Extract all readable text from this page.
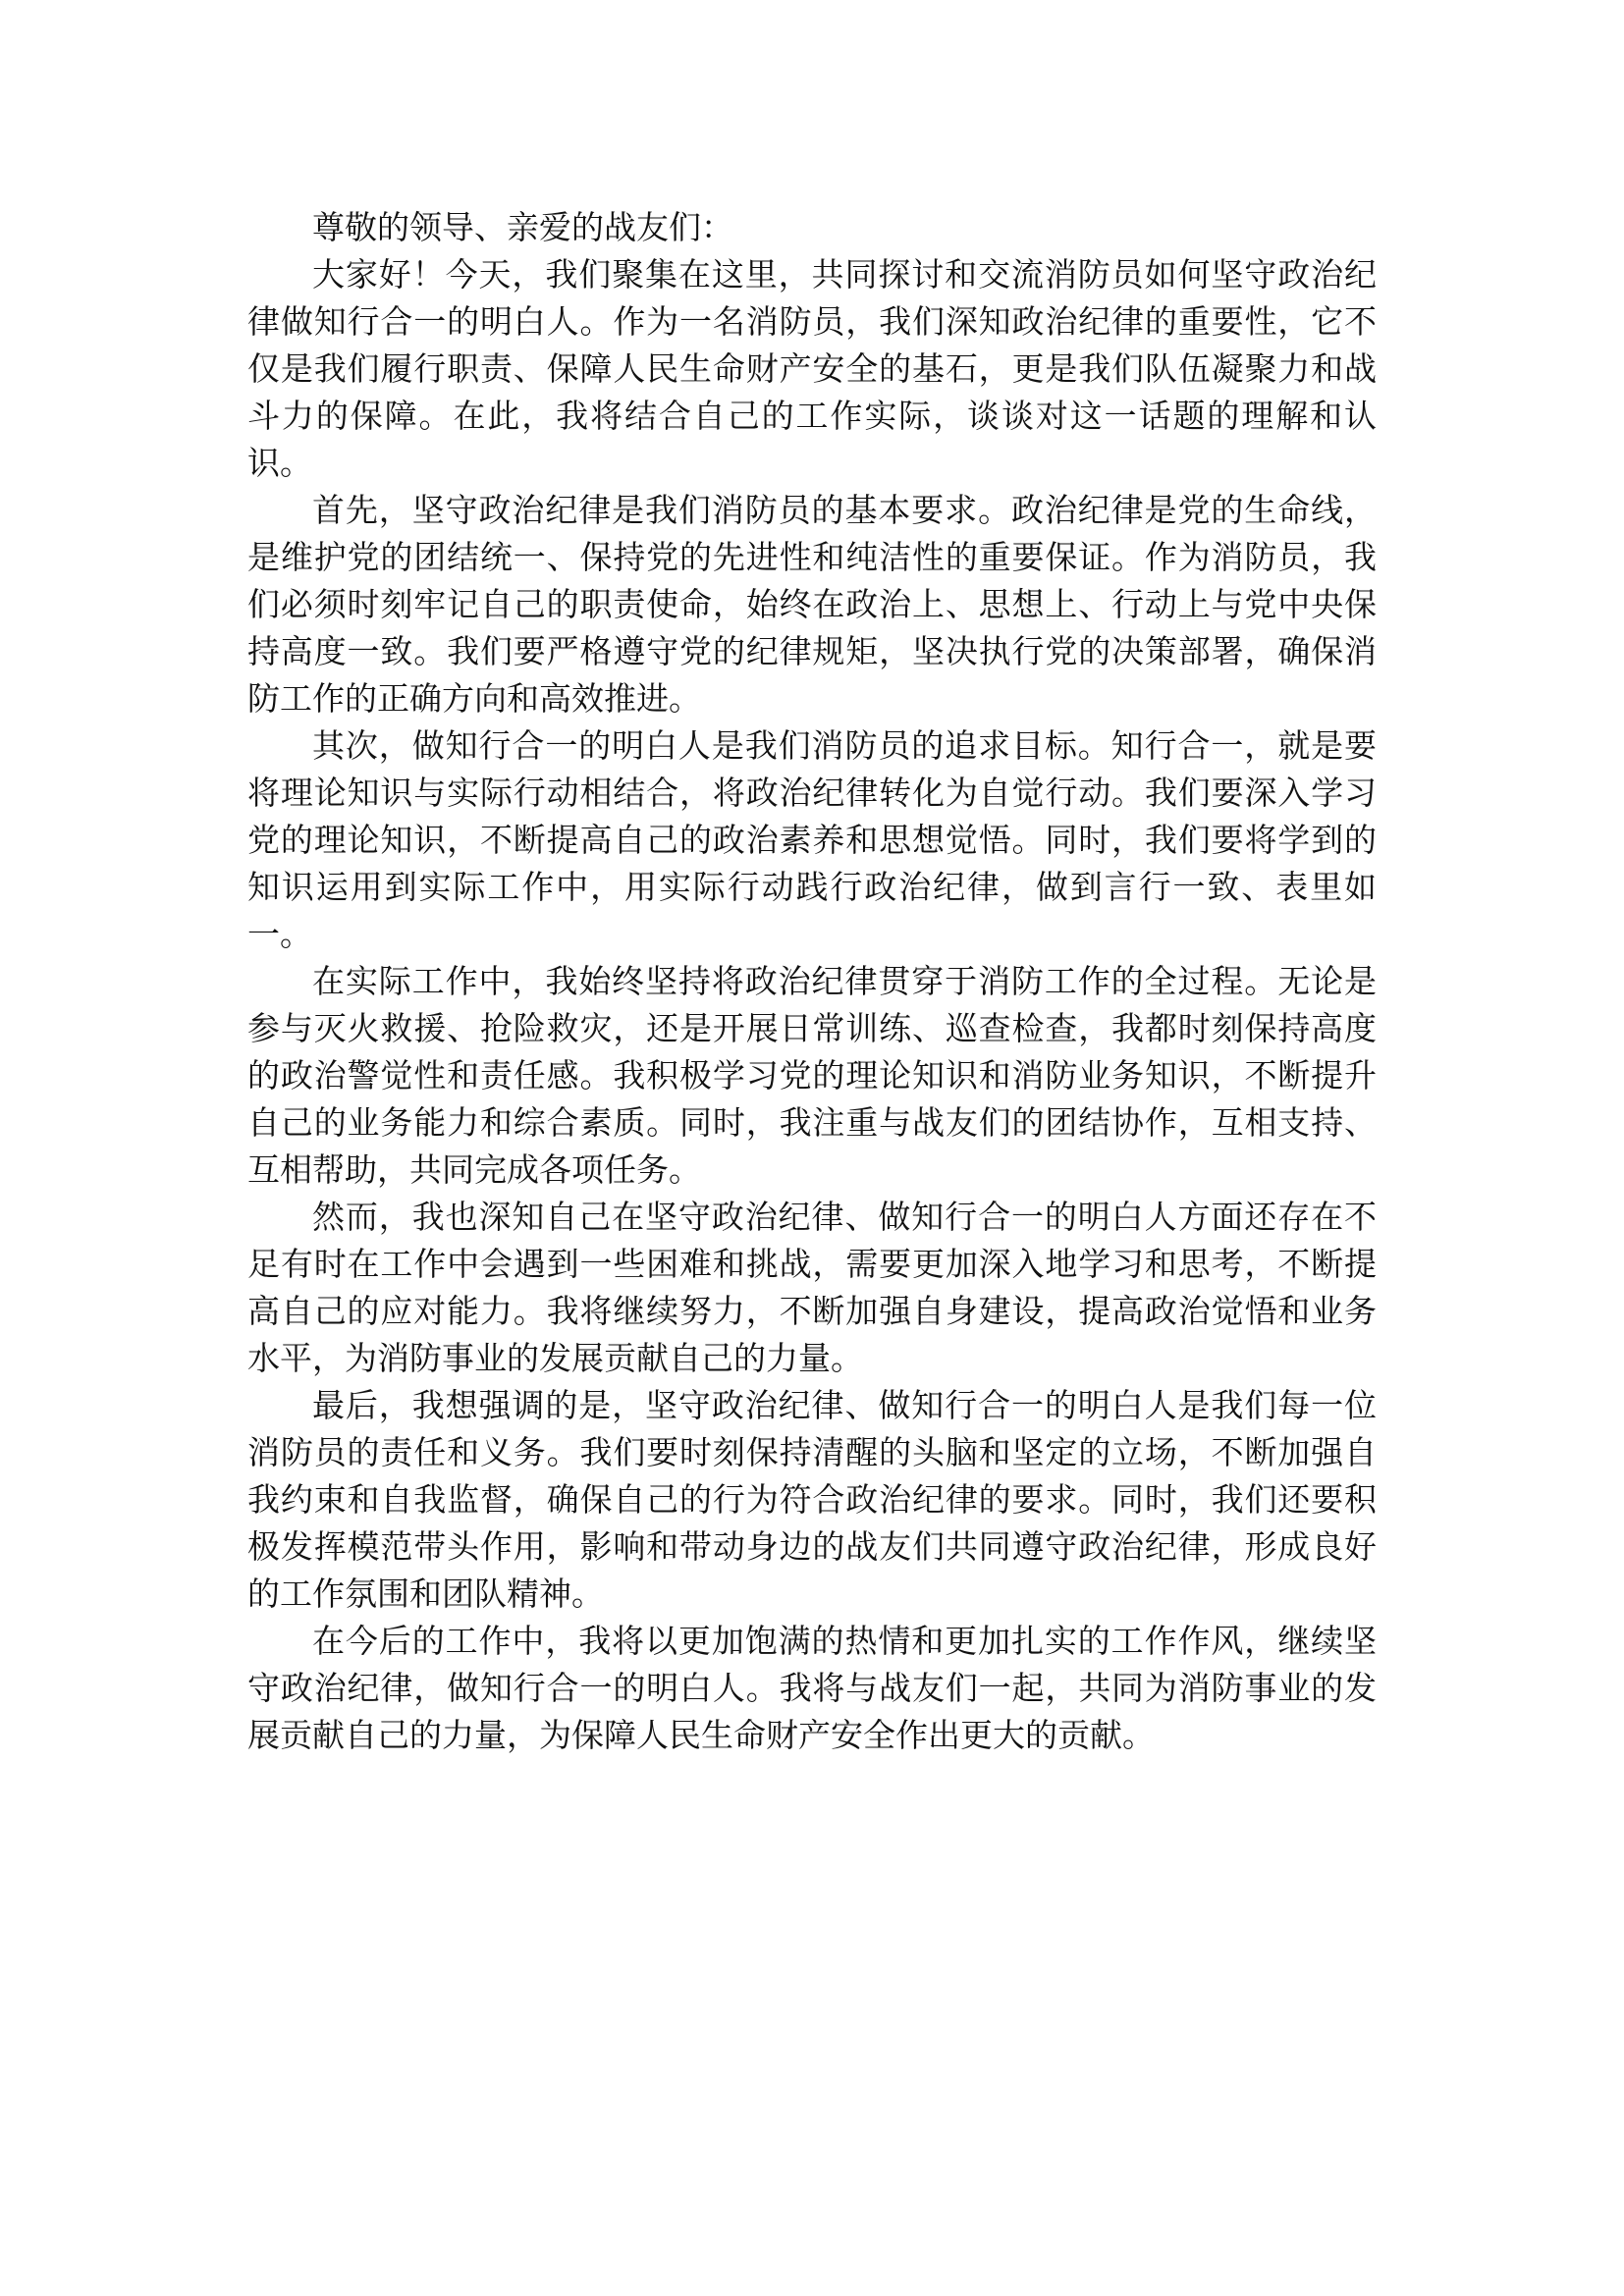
尊敬的领导、亲爱的战友们：

大家好！今天，我们聚集在这里，共同探讨和交流消防员如何坚守政治纪律做知行合一的明白人。作为一名消防员，我们深知政治纪律的重要性，它不仅是我们履行职责、保障人民生命财产安全的基石，更是我们队伍凝聚力和战斗力的保障。在此，我将结合自己的工作实际，谈谈对这一话题的理解和认识。

首先，坚守政治纪律是我们消防员的基本要求。政治纪律是党的生命线，是维护党的团结统一、保持党的先进性和纯洁性的重要保证。作为消防员，我们必须时刻牢记自己的职责使命，始终在政治上、思想上、行动上与党中央保持高度一致。我们要严格遵守党的纪律规矩，坚决执行党的决策部署，确保消防工作的正确方向和高效推进。

其次，做知行合一的明白人是我们消防员的追求目标。知行合一，就是要将理论知识与实际行动相结合，将政治纪律转化为自觉行动。我们要深入学习党的理论知识，不断提高自己的政治素养和思想觉悟。同时，我们要将学到的知识运用到实际工作中，用实际行动践行政治纪律，做到言行一致、表里如一。

在实际工作中，我始终坚持将政治纪律贯穿于消防工作的全过程。无论是参与灭火救援、抢险救灾，还是开展日常训练、巡查检查，我都时刻保持高度的政治警觉性和责任感。我积极学习党的理论知识和消防业务知识，不断提升自己的业务能力和综合素质。同时，我注重与战友们的团结协作，互相支持、互相帮助，共同完成各项任务。

然而，我也深知自己在坚守政治纪律、做知行合一的明白人方面还存在不足有时在工作中会遇到一些困难和挑战，需要更加深入地学习和思考，不断提高自己的应对能力。我将继续努力，不断加强自身建设，提高政治觉悟和业务水平，为消防事业的发展贡献自己的力量。

最后，我想强调的是，坚守政治纪律、做知行合一的明白人是我们每一位消防员的责任和义务。我们要时刻保持清醒的头脑和坚定的立场，不断加强自我约束和自我监督，确保自己的行为符合政治纪律的要求。同时，我们还要积极发挥模范带头作用，影响和带动身边的战友们共同遵守政治纪律，形成良好的工作氛围和团队精神。

在今后的工作中，我将以更加饱满的热情和更加扎实的工作作风，继续坚守政治纪律，做知行合一的明白人。我将与战友们一起，共同为消防事业的发展贡献自己的力量，为保障人民生命财产安全作出更大的贡献。
